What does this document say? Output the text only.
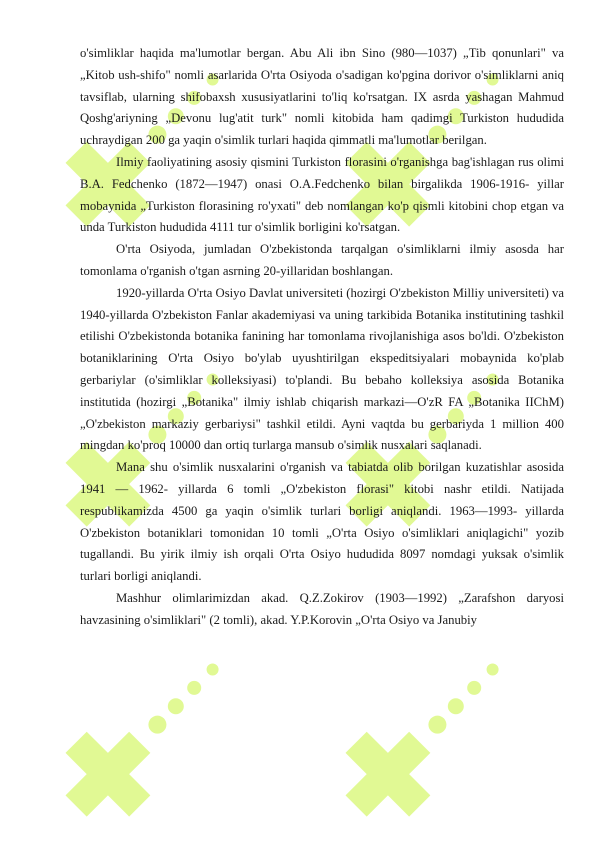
o'simliklar haqida ma'lumotlar bergan. Abu Ali ibn Sino (980—1037) „Tib qonunlari" va „Kitob ush-shifo" nomli asarlarida O'rta Osiyoda o'sadigan ko'pgina dorivor o'simliklarni aniq tavsiflab, ularning shifobaxsh xususiyatlarini to'liq ko'rsatgan. IX asrda yashagan Mahmud Qoshg'ariyning „Devonu lug'atit turk" nomli kitobida ham qadimgi Turkiston hududida uchraydigan 200 ga yaqin o'simlik turlari haqida qimmatli ma'lumotlar berilgan.

Ilmiy faoliyatining asosiy qismini Turkiston florasini o'rganishga bag'ishlagan rus olimi B.A. Fedchenko (1872—1947) onasi O.A.Fedchenko bilan birgalikda 1906-1916- yillar mobaynida „Turkiston florasining ro'yxati" deb nomlangan ko'p qismli kitobini chop etgan va unda Turkiston hududida 4111 tur o'simlik borligini ko'rsatgan.

O'rta Osiyoda, jumladan O'zbekistonda tarqalgan o'simliklarni ilmiy asosda har tomonlama o'rganish o'tgan asrning 20-yillaridan boshlangan.

1920-yillarda O'rta Osiyo Davlat universiteti (hozirgi O'zbekiston Milliy universiteti) va 1940-yillarda O'zbekiston Fanlar akademiyasi va uning tarkibida Botanika institutining tashkil etilishi O'zbekistonda botanika fanining har tomonlama rivojlanishiga asos bo'ldi. O'zbekiston botaniklarining O'rta Osiyo bo'ylab uyushtirilgan ekspeditsiyalari mobaynida ko'plab gerbariylar (o'simliklar kolleksiyasi) to'plandi. Bu bebaho kolleksiya asosida Botanika institutida (hozirgi „Botanika" ilmiy ishlab chiqarish markazi—O'zR FA „Botanika IIChM) „O'zbekiston markaziy gerbariysi" tashkil etildi. Ayni vaqtda bu gerbariyda 1 million 400 mingdan ko'proq 10000 dan ortiq turlarga mansub o'simlik nusxalari saqlanadi.

Mana shu o'simlik nusxalarini o'rganish va tabiatda olib borilgan kuzatishlar asosida 1941 — 1962- yillarda 6 tomli „O'zbekiston florasi" kitobi nashr etildi. Natijada respublikamizda 4500 ga yaqin o'simlik turlari borligi aniqlandi. 1963—1993- yillarda O'zbekiston botaniklari tomonidan 10 tomli „O'rta Osiyo o'simliklari aniqlagichi" yozib tugallandi. Bu yirik ilmiy ish orqali O'rta Osiyo hududida 8097 nomdagi yuksak o'simlik turlari borligi aniqlandi.

Mashhur olimlarimizdan akad. Q.Z.Zokirov (1903—1992) „Zarafshon daryosi havzasining o'simliklari" (2 tomli), akad. Y.P.Korovin „O'rta Osiyo va Janubiy
